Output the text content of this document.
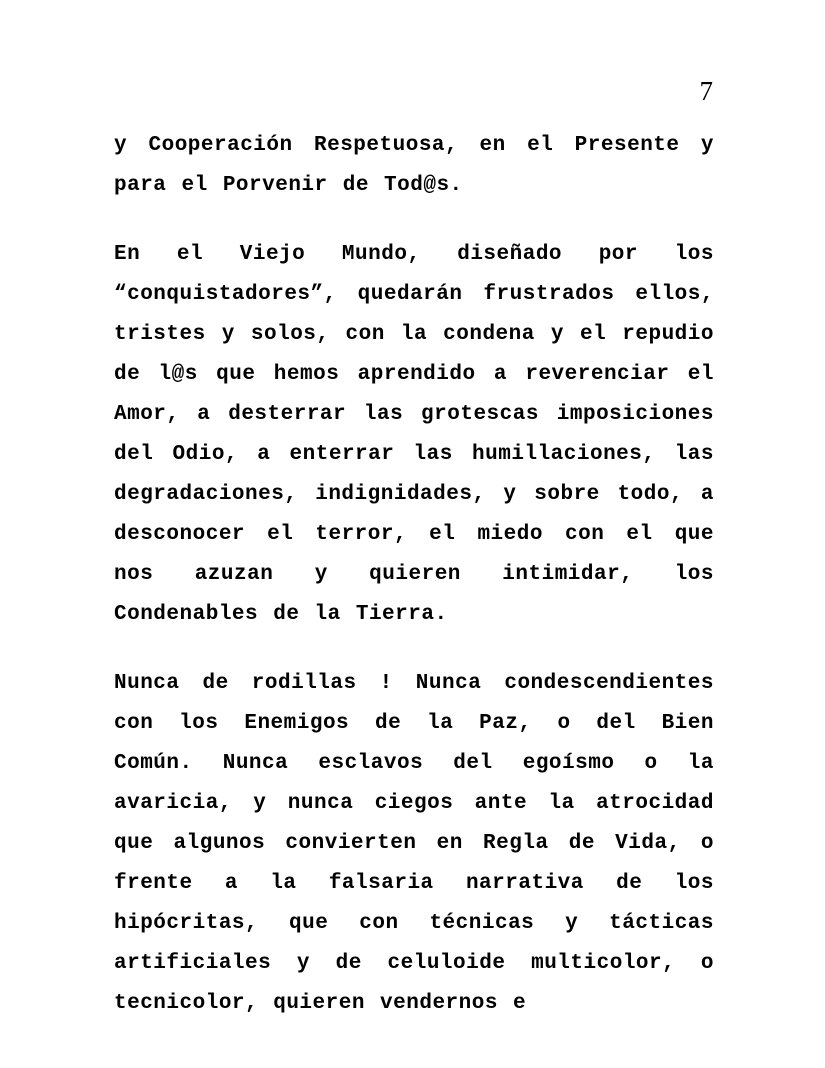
7

y Cooperación Respetuosa, en el Presente y para el Porvenir de Tod@s.

En el Viejo Mundo, diseñado por los “conquistadores”, quedarán frustrados ellos, tristes y solos, con la condena y el repudio de l@s que hemos aprendido a reverenciar el Amor, a desterrar las grotescas imposiciones del Odio, a enterrar las humillaciones, las degradaciones, indignidades, y sobre todo, a desconocer el terror, el miedo con el que nos azuzan y quieren intimidar, los Condenables de la Tierra.

Nunca de rodillas ! Nunca condescendientes con los Enemigos de la Paz, o del Bien Común. Nunca esclavos del egoísmo o la avaricia, y nunca ciegos ante la atrocidad que algunos convierten en Regla de Vida, o frente a la falsaria narrativa de los hipócritas, que con técnicas y tácticas artificiales y de celuloide multicolor, o tecnicolor, quieren vendernos e
